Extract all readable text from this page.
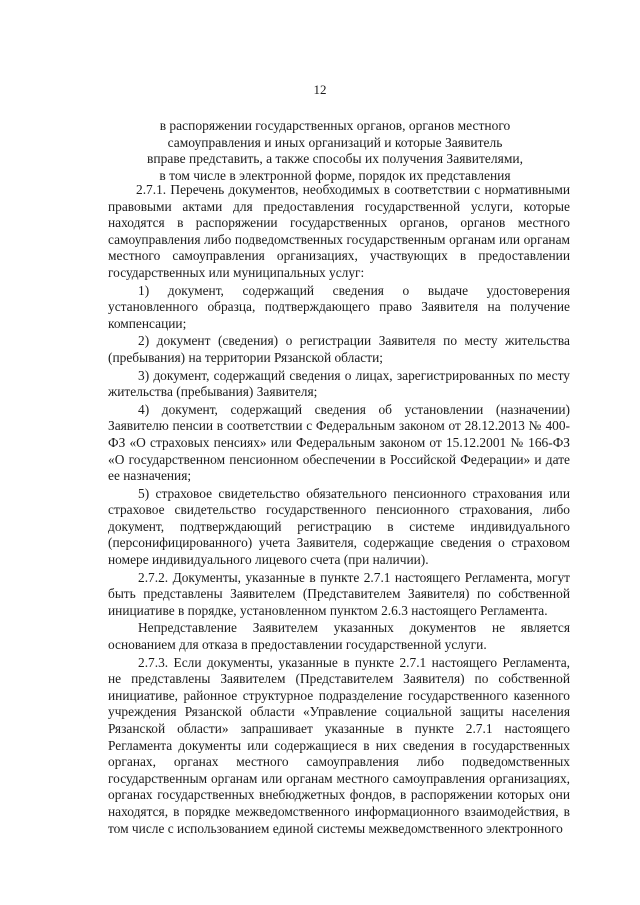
12
в распоряжении государственных органов, органов местного
самоуправления и иных организаций и которые Заявитель
вправе представить, а также способы их получения Заявителями,
в том числе в электронной форме, порядок их представления

2.7.1. Перечень документов, необходимых в соответствии с нормативными правовыми актами для предоставления государственной услуги, которые находятся в распоряжении государственных органов, органов местного самоуправления либо подведомственных государственным органам или органам местного самоуправления организациях, участвующих в предоставлении государственных или муниципальных услуг:

1) документ, содержащий сведения о выдаче удостоверения установленного образца, подтверждающего право Заявителя на получение компенсации;

2) документ (сведения) о регистрации Заявителя по месту жительства (пребывания) на территории Рязанской области;

3) документ, содержащий сведения о лицах, зарегистрированных по месту жительства (пребывания) Заявителя;

4) документ, содержащий сведения об установлении (назначении) Заявителю пенсии в соответствии с Федеральным законом от 28.12.2013 № 400-ФЗ «О страховых пенсиях» или Федеральным законом от 15.12.2001 № 166-ФЗ «О государственном пенсионном обеспечении в Российской Федерации» и дате ее назначения;

5) страховое свидетельство обязательного пенсионного страхования или страховое свидетельство государственного пенсионного страхования, либо документ, подтверждающий регистрацию в системе индивидуального (персонифицированного) учета Заявителя, содержащие сведения о страховом номере индивидуального лицевого счета (при наличии).

2.7.2. Документы, указанные в пункте 2.7.1 настоящего Регламента, могут быть представлены Заявителем (Представителем Заявителя) по собственной инициативе в порядке, установленном пунктом 2.6.3 настоящего Регламента.

Непредставление Заявителем указанных документов не является основанием для отказа в предоставлении государственной услуги.

2.7.3. Если документы, указанные в пункте 2.7.1 настоящего Регламента, не представлены Заявителем (Представителем Заявителя) по собственной инициативе, районное структурное подразделение государственного казенного учреждения Рязанской области «Управление социальной защиты населения Рязанской области» запрашивает указанные в пункте 2.7.1 настоящего Регламента документы или содержащиеся в них сведения в государственных органах, органах местного самоуправления либо подведомственных государственным органам или органам местного самоуправления организациях, органах государственных внебюджетных фондов, в распоряжении которых они находятся, в порядке межведомственного информационного взаимодействия, в том числе с использованием единой системы межведомственного электронного
